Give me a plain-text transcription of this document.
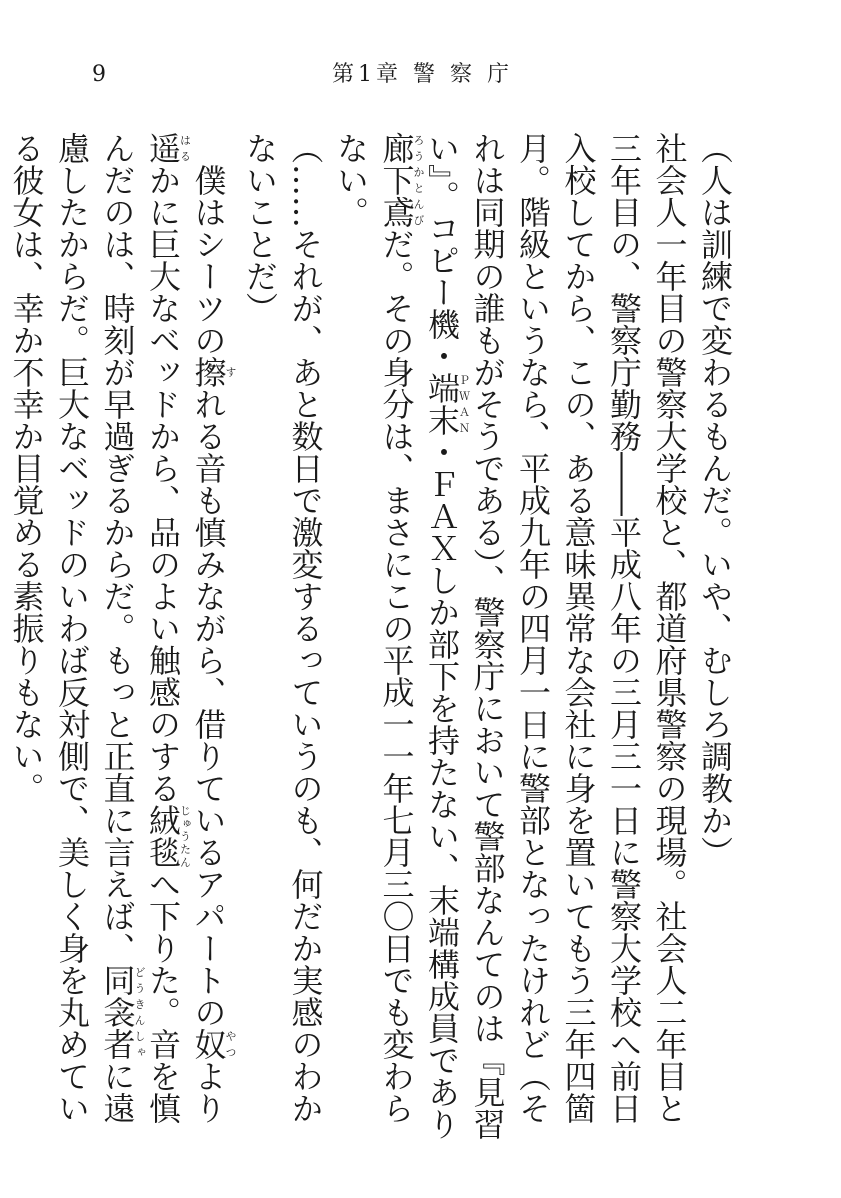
9	第1章 警 察 庁

（人は訓練で変わるもんだ。いや、むしろ調教か）

社会人一年目の警察大学校と、都道府県警察の現場。社会人二年目と三年目の、警察庁勤務――平成八年の三月三一日に警察大学校へ前日入校してから、この、ある意味異常な会社に身を置いてもう三年四箇月。階級というなら、平成九年の四月一日に警部となったけれど（それは同期の誰もがそうである）、警察庁において警部なんてのは『見習い』。コピー機・端末ＰＷＡＮ・ＦＡＸしか部下を持たない、末端構成員であり廊下鳶ろうかとんびだ。その身分は、まさにこの平成一一年七月三〇日でも変わらない。

（……それが、あと数日で激変するっていうのも、何だか実感のわかないことだ）

　僕はシーツの擦すれる音も慎みながら、借りているアパートの奴やつより遥はるかに巨大なベッドから、品のよい触感のする絨毯じゅうたんへ下りた。音を慎んだのは、時刻が早過ぎるからだ。もっと正直に言えば、同衾者どうきんしゃに遠慮したからだ。巨大なベッドのいわば反対側で、美しく身を丸めている彼女は、幸か不幸か目覚める素振りもない。
